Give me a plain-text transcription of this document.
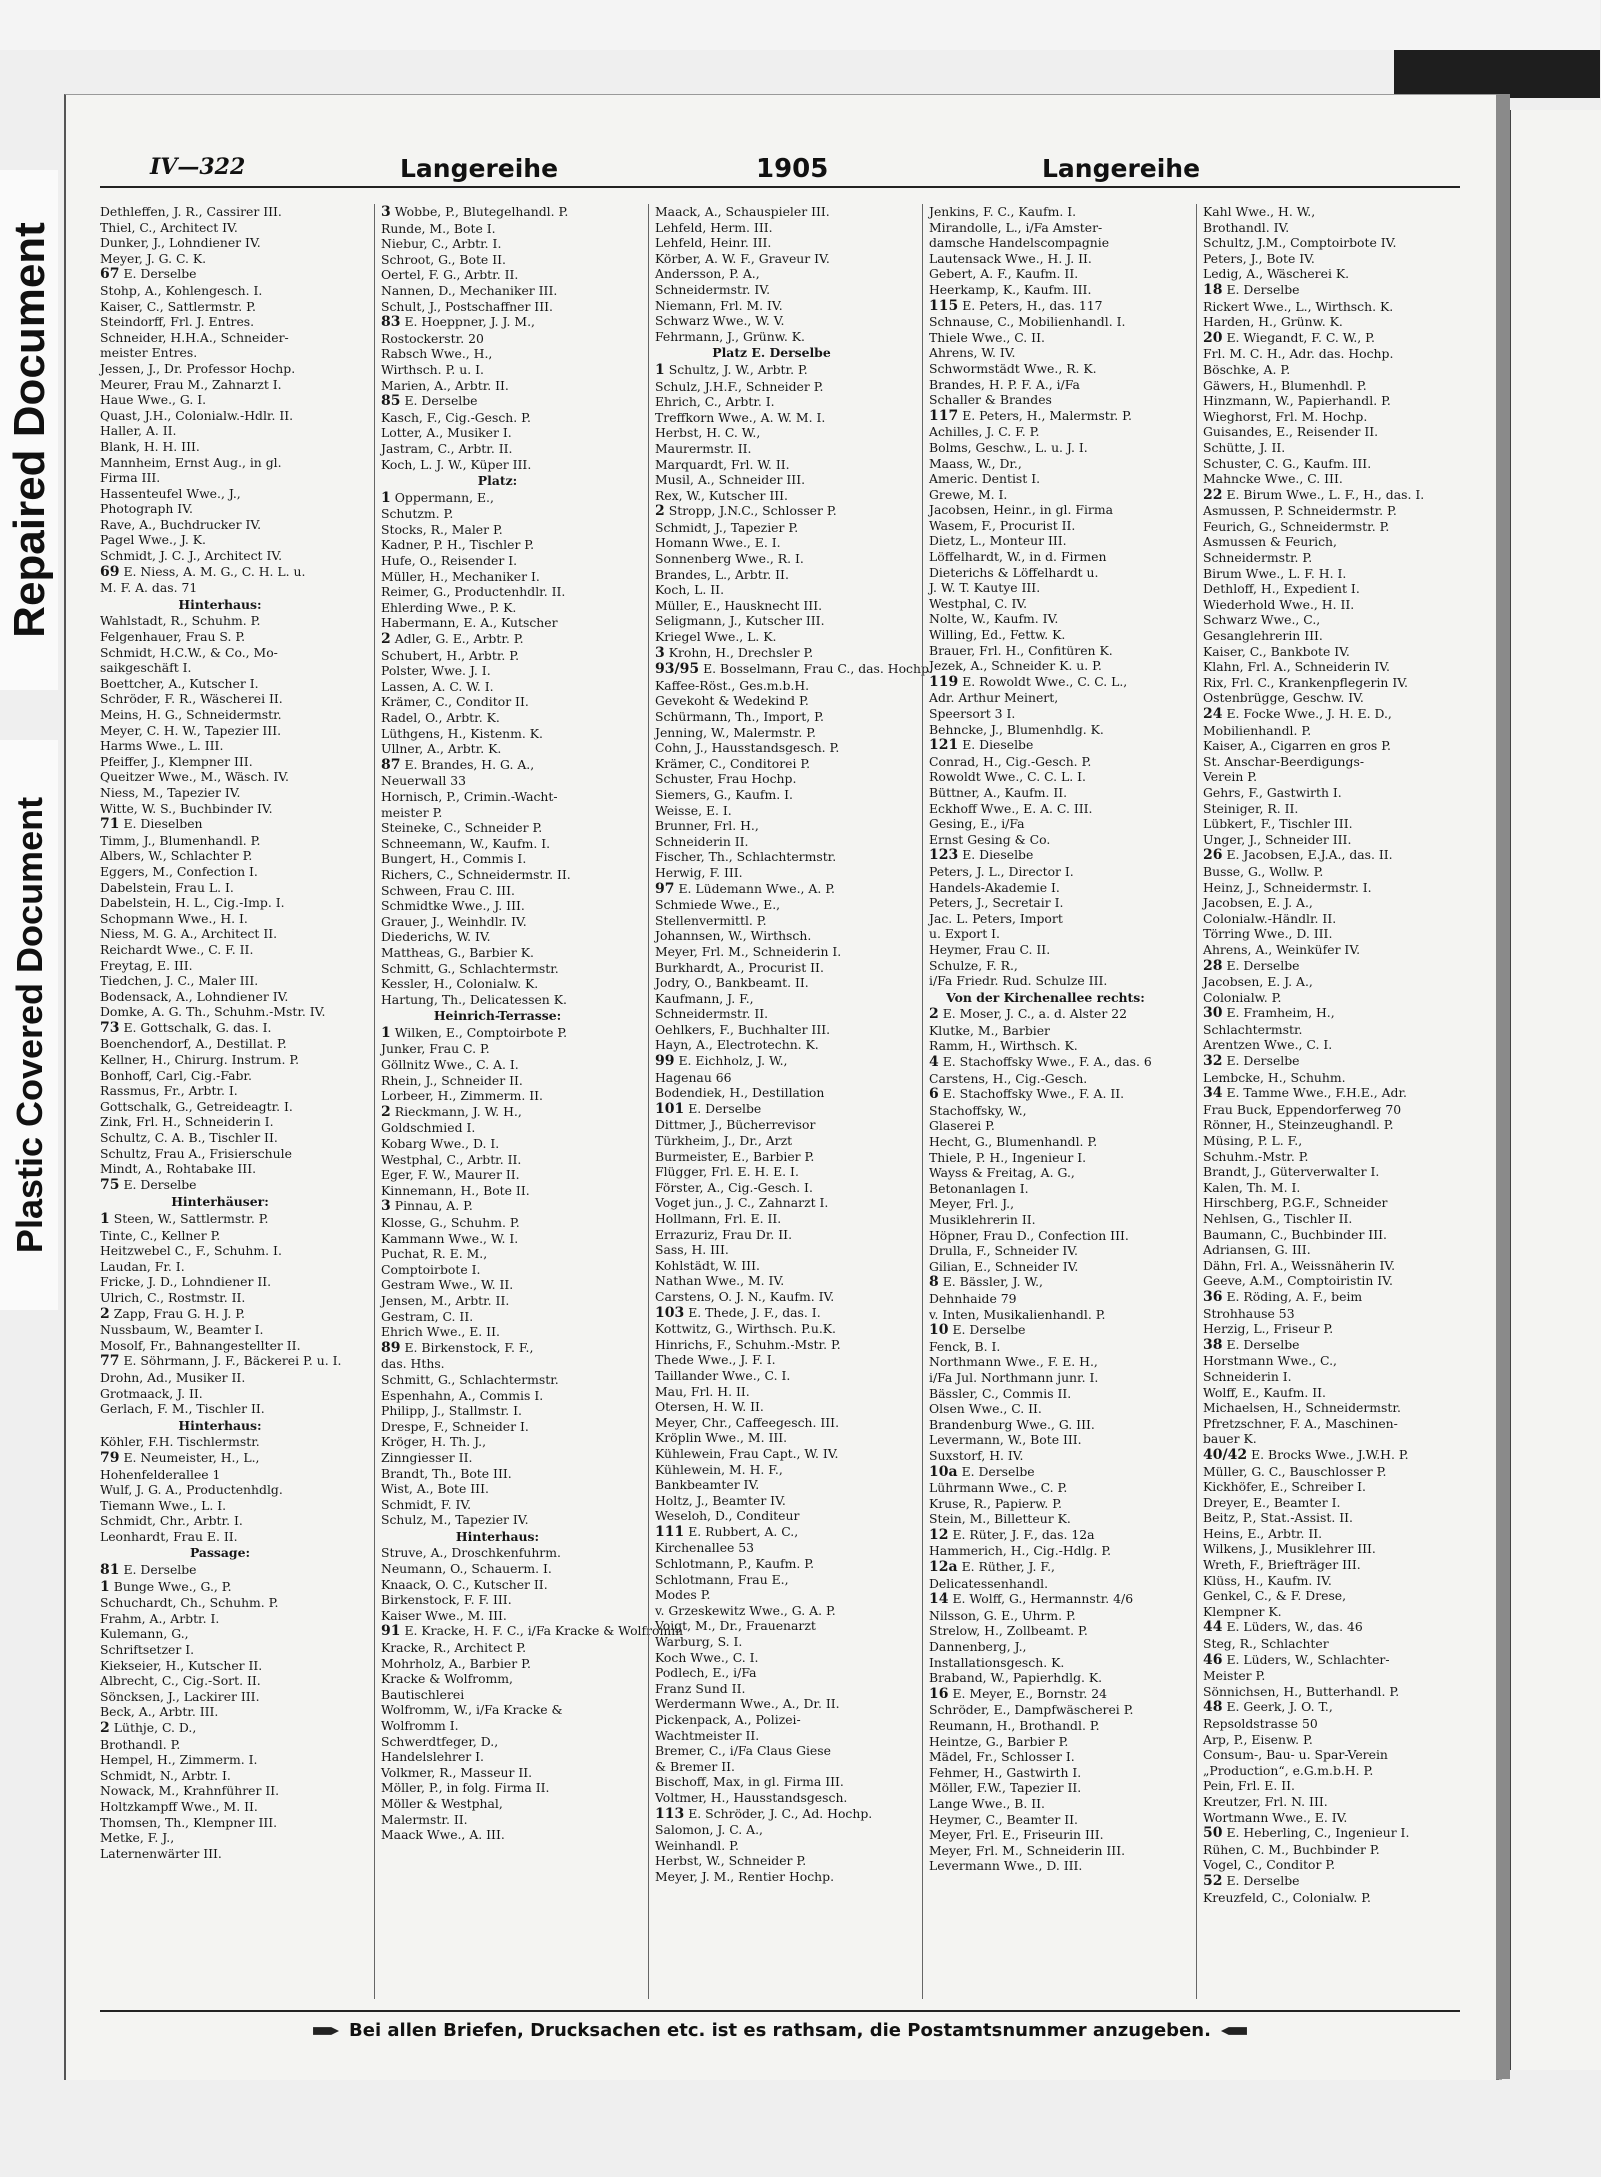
Repaired Document
Plastic Covered Document
IV—322	Langereihe	1905	Langereihe
Dethleffen, J. R., Cassirer III.
Thiel, C., Architect IV.
Dunker, J., Lohndiener IV.
Meyer, J. G. C. K.
67 E. Derselbe
Stohp, A., Kohlengesch. I.
Kaiser, C., Sattlermstr. P.
Steindorff, Frl. J. Entres.
Schneider, H.H.A., Schneider-
meister Entres.
Jessen, J., Dr. Professor Hochp.
Meurer, Frau M., Zahnarzt I.
Haue Wwe., G. I.
Quast, J.H., Colonialw.-Hdlr. II.
Haller, A. II.
Blank, H. H. III.
Mannheim, Ernst Aug., in gl.
Firma III.
Hassenteufel Wwe., J.,
Photograph IV.
Rave, A., Buchdrucker IV.
Pagel Wwe., J. K.
Schmidt, J. C. J., Architect IV.
69 E. Niess, A. M. G., C. H. L. u.
M. F. A. das. 71
Hinterhaus:
Wahlstadt, R., Schuhm. P.
Felgenhauer, Frau S. P.
Schmidt, H.C.W., & Co., Mo-
saikgeschäft I.
Boettcher, A., Kutscher I.
Schröder, F. R., Wäscherei II.
Meins, H. G., Schneidermstr.
Meyer, C. H. W., Tapezier III.
Harms Wwe., L. III.
Pfeiffer, J., Klempner III.
Queitzer Wwe., M., Wäsch. IV.
Niess, M., Tapezier IV.
Witte, W. S., Buchbinder IV.
71 E. Dieselben
Timm, J., Blumenhandl. P.
Albers, W., Schlachter P.
Eggers, M., Confection I.
Dabelstein, Frau L. I.
Dabelstein, H. L., Cig.-Imp. I.
Schopmann Wwe., H. I.
Niess, M. G. A., Architect II.
Reichardt Wwe., C. F. II.
Freytag, E. III.
Tiedchen, J. C., Maler III.
Bodensack, A., Lohndiener IV.
Domke, A. G. Th., Schuhm.-Mstr. IV.
73 E. Gottschalk, G. das. I.
Boenchendorf, A., Destillat. P.
Kellner, H., Chirurg. Instrum. P.
Bonhoff, Carl, Cig.-Fabr.
Rassmus, Fr., Arbtr. I.
Gottschalk, G., Getreideagtr. I.
Zink, Frl. H., Schneiderin I.
Schultz, C. A. B., Tischler II.
Schultz, Frau A., Frisierschule
Mindt, A., Rohtabake III.
75 E. Derselbe
Hinterhäuser:
1 Steen, W., Sattlermstr. P.
Tinte, C., Kellner P.
Heitzwebel C., F., Schuhm. I.
Laudan, Fr. I.
Fricke, J. D., Lohndiener II.
Ulrich, C., Rostmstr. II.
2 Zapp, Frau G. H. J. P.
Nussbaum, W., Beamter I.
Mosolf, Fr., Bahnangestellter II.
77 E. Söhrmann, J. F., Bäckerei P. u. I.
Drohn, Ad., Musiker II.
Grotmaack, J. II.
Gerlach, F. M., Tischler II.
Hinterhaus:
Köhler, F.H. Tischlermstr.
79 E. Neumeister, H., L.,
Hohenfelderallee 1
Wulf, J. G. A., Productenhdlg.
Tiemann Wwe., L. I.
Schmidt, Chr., Arbtr. I.
Leonhardt, Frau E. II.
Passage:
81 E. Derselbe
1 Bunge Wwe., G., P.
Schuchardt, Ch., Schuhm. P.
Frahm, A., Arbtr. I.
Kulemann, G.,
Schriftsetzer I.
Kiekseier, H., Kutscher II.
Albrecht, C., Cig.-Sort. II.
Söncksen, J., Lackirer III.
Beck, A., Arbtr. III.
2 Lüthje, C. D.,
Brothandl. P.
Hempel, H., Zimmerm. I.
Schmidt, N., Arbtr. I.
Nowack, M., Krahnführer II.
Holtzkampff Wwe., M. II.
Thomsen, Th., Klempner III.
Metke, F. J.,
Laternenwärter III.
3 Wobbe, P., Blutegelhandl. P.
Runde, M., Bote I.
Niebur, C., Arbtr. I.
Schroot, G., Bote II.
Oertel, F. G., Arbtr. II.
Nannen, D., Mechaniker III.
Schult, J., Postschaffner III.
83 E. Hoeppner, J. J. M.,
Rostockerstr. 20
Rabsch Wwe., H.,
Wirthsch. P. u. I.
Marien, A., Arbtr. II.
85 E. Derselbe
Kasch, F., Cig.-Gesch. P.
Lotter, A., Musiker I.
Jastram, C., Arbtr. II.
Koch, L. J. W., Küper III.
Platz:
1 Oppermann, E.,
Schutzm. P.
Stocks, R., Maler P.
Kadner, P. H., Tischler P.
Hufe, O., Reisender I.
Müller, H., Mechaniker I.
Reimer, G., Productenhdlr. II.
Ehlerding Wwe., P. K.
Habermann, E. A., Kutscher
2 Adler, G. E., Arbtr. P.
Schubert, H., Arbtr. P.
Polster, Wwe. J. I.
Lassen, A. C. W. I.
Krämer, C., Conditor II.
Radel, O., Arbtr. K.
Lüthgens, H., Kistenm. K.
Ullner, A., Arbtr. K.
87 E. Brandes, H. G. A.,
Neuerwall 33
Hornisch, P., Crimin.-Wacht-
meister P.
Steineke, C., Schneider P.
Schneemann, W., Kaufm. I.
Bungert, H., Commis I.
Richers, C., Schneidermstr. II.
Schween, Frau C. III.
Schmidtke Wwe., J. III.
Grauer, J., Weinhdlr. IV.
Diederichs, W. IV.
Mattheas, G., Barbier K.
Schmitt, G., Schlachtermstr.
Kessler, H., Colonialw. K.
Hartung, Th., Delicatessen K.
Heinrich-Terrasse:
1 Wilken, E., Comptoirbote P.
Junker, Frau C. P.
Göllnitz Wwe., C. A. I.
Rhein, J., Schneider II.
Lorbeer, H., Zimmerm. II.
2 Rieckmann, J. W. H.,
Goldschmied I.
Kobarg Wwe., D. I.
Westphal, C., Arbtr. II.
Eger, F. W., Maurer II.
Kinnemann, H., Bote II.
3 Pinnau, A. P.
Klosse, G., Schuhm. P.
Kammann Wwe., W. I.
Puchat, R. E. M.,
Comptoirbote I.
Gestram Wwe., W. II.
Jensen, M., Arbtr. II.
Gestram, C. II.
Ehrich Wwe., E. II.
89 E. Birkenstock, F. F.,
das. Hths.
Schmitt, G., Schlachtermstr.
Espenhahn, A., Commis I.
Philipp, J., Stallmstr. I.
Drespe, F., Schneider I.
Kröger, H. Th. J.,
Zinngiesser II.
Brandt, Th., Bote III.
Wist, A., Bote III.
Schmidt, F. IV.
Schulz, M., Tapezier IV.
Hinterhaus:
Struve, A., Droschkenfuhrm.
Neumann, O., Schauerm. I.
Knaack, O. C., Kutscher II.
Birkenstock, F. F. III.
Kaiser Wwe., M. III.
91 E. Kracke, H. F. C., i/Fa Kracke & Wolfromm
Kracke, R., Architect P.
Mohrholz, A., Barbier P.
Kracke & Wolfromm,
Bautischlerei
Wolfromm, W., i/Fa Kracke &
Wolfromm I.
Schwerdtfeger, D.,
Handelslehrer I.
Volkmer, R., Masseur II.
Möller, P., in folg. Firma II.
Möller & Westphal,
Malermstr. II.
Maack Wwe., A. III.
Maack, A., Schauspieler III.
Lehfeld, Herm. III.
Lehfeld, Heinr. III.
Körber, A. W. F., Graveur IV.
Andersson, P. A.,
Schneidermstr. IV.
Niemann, Frl. M. IV.
Schwarz Wwe., W. V.
Fehrmann, J., Grünw. K.
Platz E. Derselbe
1 Schultz, J. W., Arbtr. P.
Schulz, J.H.F., Schneider P.
Ehrich, C., Arbtr. I.
Treffkorn Wwe., A. W. M. I.
Herbst, H. C. W.,
Maurermstr. II.
Marquardt, Frl. W. II.
Musil, A., Schneider III.
Rex, W., Kutscher III.
2 Stropp, J.N.C., Schlosser P.
Schmidt, J., Tapezier P.
Homann Wwe., E. I.
Sonnenberg Wwe., R. I.
Brandes, L., Arbtr. II.
Koch, L. II.
Müller, E., Hausknecht III.
Seligmann, J., Kutscher III.
Kriegel Wwe., L. K.
3 Krohn, H., Drechsler P.
93/95 E. Bosselmann, Frau C., das. Hochp.
Kaffee-Röst., Ges.m.b.H.
Gevekoht & Wedekind P.
Schürmann, Th., Import, P.
Jenning, W., Malermstr. P.
Cohn, J., Hausstandsgesch. P.
Krämer, C., Conditorei P.
Schuster, Frau Hochp.
Siemers, G., Kaufm. I.
Weisse, E. I.
Brunner, Frl. H.,
Schneiderin II.
Fischer, Th., Schlachtermstr.
Herwig, F. III.
97 E. Lüdemann Wwe., A. P.
Schmiede Wwe., E.,
Stellenvermittl. P.
Johannsen, W., Wirthsch.
Meyer, Frl. M., Schneiderin I.
Burkhardt, A., Procurist II.
Jodry, O., Bankbeamt. II.
Kaufmann, J. F.,
Schneidermstr. II.
Oehlkers, F., Buchhalter III.
Hayn, A., Electrotechn. K.
99 E. Eichholz, J. W.,
Hagenau 66
Bodendiek, H., Destillation
101 E. Derselbe
Dittmer, J., Bücherrevisor
Türkheim, J., Dr., Arzt
Burmeister, E., Barbier P.
Flügger, Frl. E. H. E. I.
Förster, A., Cig.-Gesch. I.
Voget jun., J. C., Zahnarzt I.
Hollmann, Frl. E. II.
Errazuriz, Frau Dr. II.
Sass, H. III.
Kohlstädt, W. III.
Nathan Wwe., M. IV.
Carstens, O. J. N., Kaufm. IV.
103 E. Thede, J. F., das. I.
Kottwitz, G., Wirthsch. P.u.K.
Hinrichs, F., Schuhm.-Mstr. P.
Thede Wwe., J. F. I.
Taillander Wwe., C. I.
Mau, Frl. H. II.
Otersen, H. W. II.
Meyer, Chr., Caffeegesch. III.
Kröplin Wwe., M. III.
Kühlewein, Frau Capt., W. IV.
Kühlewein, M. H. F.,
Bankbeamter IV.
Holtz, J., Beamter IV.
Weseloh, D., Conditeur
111 E. Rubbert, A. C.,
Kirchenallee 53
Schlotmann, P., Kaufm. P.
Schlotmann, Frau E.,
Modes P.
v. Grzeskewitz Wwe., G. A. P.
Voigt, M., Dr., Frauenarzt
Warburg, S. I.
Koch Wwe., C. I.
Podlech, E., i/Fa
Franz Sund II.
Werdermann Wwe., A., Dr. II.
Pickenpack, A., Polizei-
Wachtmeister II.
Bremer, C., i/Fa Claus Giese
& Bremer II.
Bischoff, Max, in gl. Firma III.
Voltmer, H., Hausstandsgesch.
113 E. Schröder, J. C., Ad. Hochp.
Salomon, J. C. A.,
Weinhandl. P.
Herbst, W., Schneider P.
Meyer, J. M., Rentier Hochp.
Jenkins, F. C., Kaufm. I.
Mirandolle, L., i/Fa Amster-
damsche Handelscompagnie
Lautensack Wwe., H. J. II.
Gebert, A. F., Kaufm. II.
Heerkamp, K., Kaufm. III.
115 E. Peters, H., das. 117
Schnause, C., Mobilienhandl. I.
Thiele Wwe., C. II.
Ahrens, W. IV.
Schwormstädt Wwe., R. K.
Brandes, H. P. F. A., i/Fa
Schaller & Brandes
117 E. Peters, H., Malermstr. P.
Achilles, J. C. F. P.
Bolms, Geschw., L. u. J. I.
Maass, W., Dr.,
Americ. Dentist I.
Grewe, M. I.
Jacobsen, Heinr., in gl. Firma
Wasem, F., Procurist II.
Dietz, L., Monteur III.
Löffelhardt, W., in d. Firmen
Dieterichs & Löffelhardt u.
J. W. T. Kautye III.
Westphal, C. IV.
Nolte, W., Kaufm. IV.
Willing, Ed., Fettw. K.
Brauer, Frl. H., Confitüren K.
Jezek, A., Schneider K. u. P.
119 E. Rowoldt Wwe., C. C. L.,
Adr. Arthur Meinert,
Speersort 3 I.
Behncke, J., Blumenhdlg. K.
121 E. Dieselbe
Conrad, H., Cig.-Gesch. P.
Rowoldt Wwe., C. C. L. I.
Büttner, A., Kaufm. II.
Eckhoff Wwe., E. A. C. III.
Gesing, E., i/Fa
Ernst Gesing & Co.
123 E. Dieselbe
Peters, J. L., Director I.
Handels-Akademie I.
Peters, J., Secretair I.
Jac. L. Peters, Import
u. Export I.
Heymer, Frau C. II.
Schulze, F. R.,
i/Fa Friedr. Rud. Schulze III.
Von der Kirchenallee rechts:
2 E. Moser, J. C., a. d. Alster 22
Klutke, M., Barbier
Ramm, H., Wirthsch. K.
4 E. Stachoffsky Wwe., F. A., das. 6
Carstens, H., Cig.-Gesch.
6 E. Stachoffsky Wwe., F. A. II.
Stachoffsky, W.,
Glaserei P.
Hecht, G., Blumenhandl. P.
Thiele, P. H., Ingenieur I.
Wayss & Freitag, A. G.,
Betonanlagen I.
Meyer, Frl. J.,
Musiklehrerin II.
Höpner, Frau D., Confection III.
Drulla, F., Schneider IV.
Gilian, E., Schneider IV.
8 E. Bässler, J. W.,
Dehnhaide 79
v. Inten, Musikalienhandl. P.
10 E. Derselbe
Fenck, B. I.
Northmann Wwe., F. E. H.,
i/Fa Jul. Northmann junr. I.
Bässler, C., Commis II.
Olsen Wwe., C. II.
Brandenburg Wwe., G. III.
Levermann, W., Bote III.
Suxstorf, H. IV.
10a E. Derselbe
Lührmann Wwe., C. P.
Kruse, R., Papierw. P.
Stein, M., Billetteur K.
12 E. Rüter, J. F., das. 12a
Hammerich, H., Cig.-Hdlg. P.
12a E. Rüther, J. F.,
Delicatessenhandl.
14 E. Wolff, G., Hermannstr. 4/6
Nilsson, G. E., Uhrm. P.
Strelow, H., Zollbeamt. P.
Dannenberg, J.,
Installationsgesch. K.
Braband, W., Papierhdlg. K.
16 E. Meyer, E., Bornstr. 24
Schröder, E., Dampfwäscherei P.
Reumann, H., Brothandl. P.
Heintze, G., Barbier P.
Mädel, Fr., Schlosser I.
Fehmer, H., Gastwirth I.
Möller, F.W., Tapezier II.
Lange Wwe., B. II.
Heymer, C., Beamter II.
Meyer, Frl. E., Friseurin III.
Meyer, Frl. M., Schneiderin III.
Levermann Wwe., D. III.
Kahl Wwe., H. W.,
Brothandl. IV.
Schultz, J.M., Comptoirbote IV.
Peters, J., Bote IV.
Ledig, A., Wäscherei K.
18 E. Derselbe
Rickert Wwe., L., Wirthsch. K.
Harden, H., Grünw. K.
20 E. Wiegandt, F. C. W., P.
Frl. M. C. H., Adr. das. Hochp.
Böschke, A. P.
Gäwers, H., Blumenhdl. P.
Hinzmann, W., Papierhandl. P.
Wieghorst, Frl. M. Hochp.
Guisandes, E., Reisender II.
Schütte, J. II.
Schuster, C. G., Kaufm. III.
Mahncke Wwe., C. III.
22 E. Birum Wwe., L. F., H., das. I.
Asmussen, P. Schneidermstr. P.
Feurich, G., Schneidermstr. P.
Asmussen & Feurich,
Schneidermstr. P.
Birum Wwe., L. F. H. I.
Dethloff, H., Expedient I.
Wiederhold Wwe., H. II.
Schwarz Wwe., C.,
Gesanglehrerin III.
Kaiser, C., Bankbote IV.
Klahn, Frl. A., Schneiderin IV.
Rix, Frl. C., Krankenpflegerin IV.
Ostenbrügge, Geschw. IV.
24 E. Focke Wwe., J. H. E. D.,
Mobilienhandl. P.
Kaiser, A., Cigarren en gros P.
St. Anschar-Beerdigungs-
Verein P.
Gehrs, F., Gastwirth I.
Steiniger, R. II.
Lübkert, F., Tischler III.
Unger, J., Schneider III.
26 E. Jacobsen, E.J.A., das. II.
Busse, G., Wollw. P.
Heinz, J., Schneidermstr. I.
Jacobsen, E. J. A.,
Colonialw.-Händlr. II.
Törring Wwe., D. III.
Ahrens, A., Weinküfer IV.
28 E. Derselbe
Jacobsen, E. J. A.,
Colonialw. P.
30 E. Framheim, H.,
Schlachtermstr.
Arentzen Wwe., C. I.
32 E. Derselbe
Lembcke, H., Schuhm.
34 E. Tamme Wwe., F.H.E., Adr.
Frau Buck, Eppendorferweg 70
Rönner, H., Steinzeughandl. P.
Müsing, P. L. F.,
Schuhm.-Mstr. P.
Brandt, J., Güterverwalter I.
Kalen, Th. M. I.
Hirschberg, P.G.F., Schneider
Nehlsen, G., Tischler II.
Baumann, C., Buchbinder III.
Adriansen, G. III.
Dähn, Frl. A., Weissnäherin IV.
Geeve, A.M., Comptoiristin IV.
36 E. Röding, A. F., beim
Strohhause 53
Herzig, L., Friseur P.
38 E. Derselbe
Horstmann Wwe., C.,
Schneiderin I.
Wolff, E., Kaufm. II.
Michaelsen, H., Schneidermstr.
Pfretzschner, F. A., Maschinen-
bauer K.
40/42 E. Brocks Wwe., J.W.H. P.
Müller, G. C., Bauschlosser P.
Kickhöfer, E., Schreiber I.
Dreyer, E., Beamter I.
Beitz, P., Stat.-Assist. II.
Heins, E., Arbtr. II.
Wilkens, J., Musiklehrer III.
Wreth, F., Briefträger III.
Klüss, H., Kaufm. IV.
Genkel, C., & F. Drese,
Klempner K.
44 E. Lüders, W., das. 46
Steg, R., Schlachter
46 E. Lüders, W., Schlachter-
Meister P.
Sönnichsen, H., Butterhandl. P.
48 E. Geerk, J. O. T.,
Repsoldstrasse 50
Arp, P., Eisenw. P.
Consum-, Bau- u. Spar-Verein
„Production“, e.G.m.b.H. P.
Pein, Frl. E. II.
Kreutzer, Frl. N. III.
Wortmann Wwe., E. IV.
50 E. Heberling, C., Ingenieur I.
Rühen, C. M., Buchbinder P.
Vogel, C., Conditor P.
52 E. Derselbe
Kreuzfeld, C., Colonialw. P.
Bei allen Briefen, Drucksachen etc. ist es rathsam, die Postamtsnummer anzugeben.
